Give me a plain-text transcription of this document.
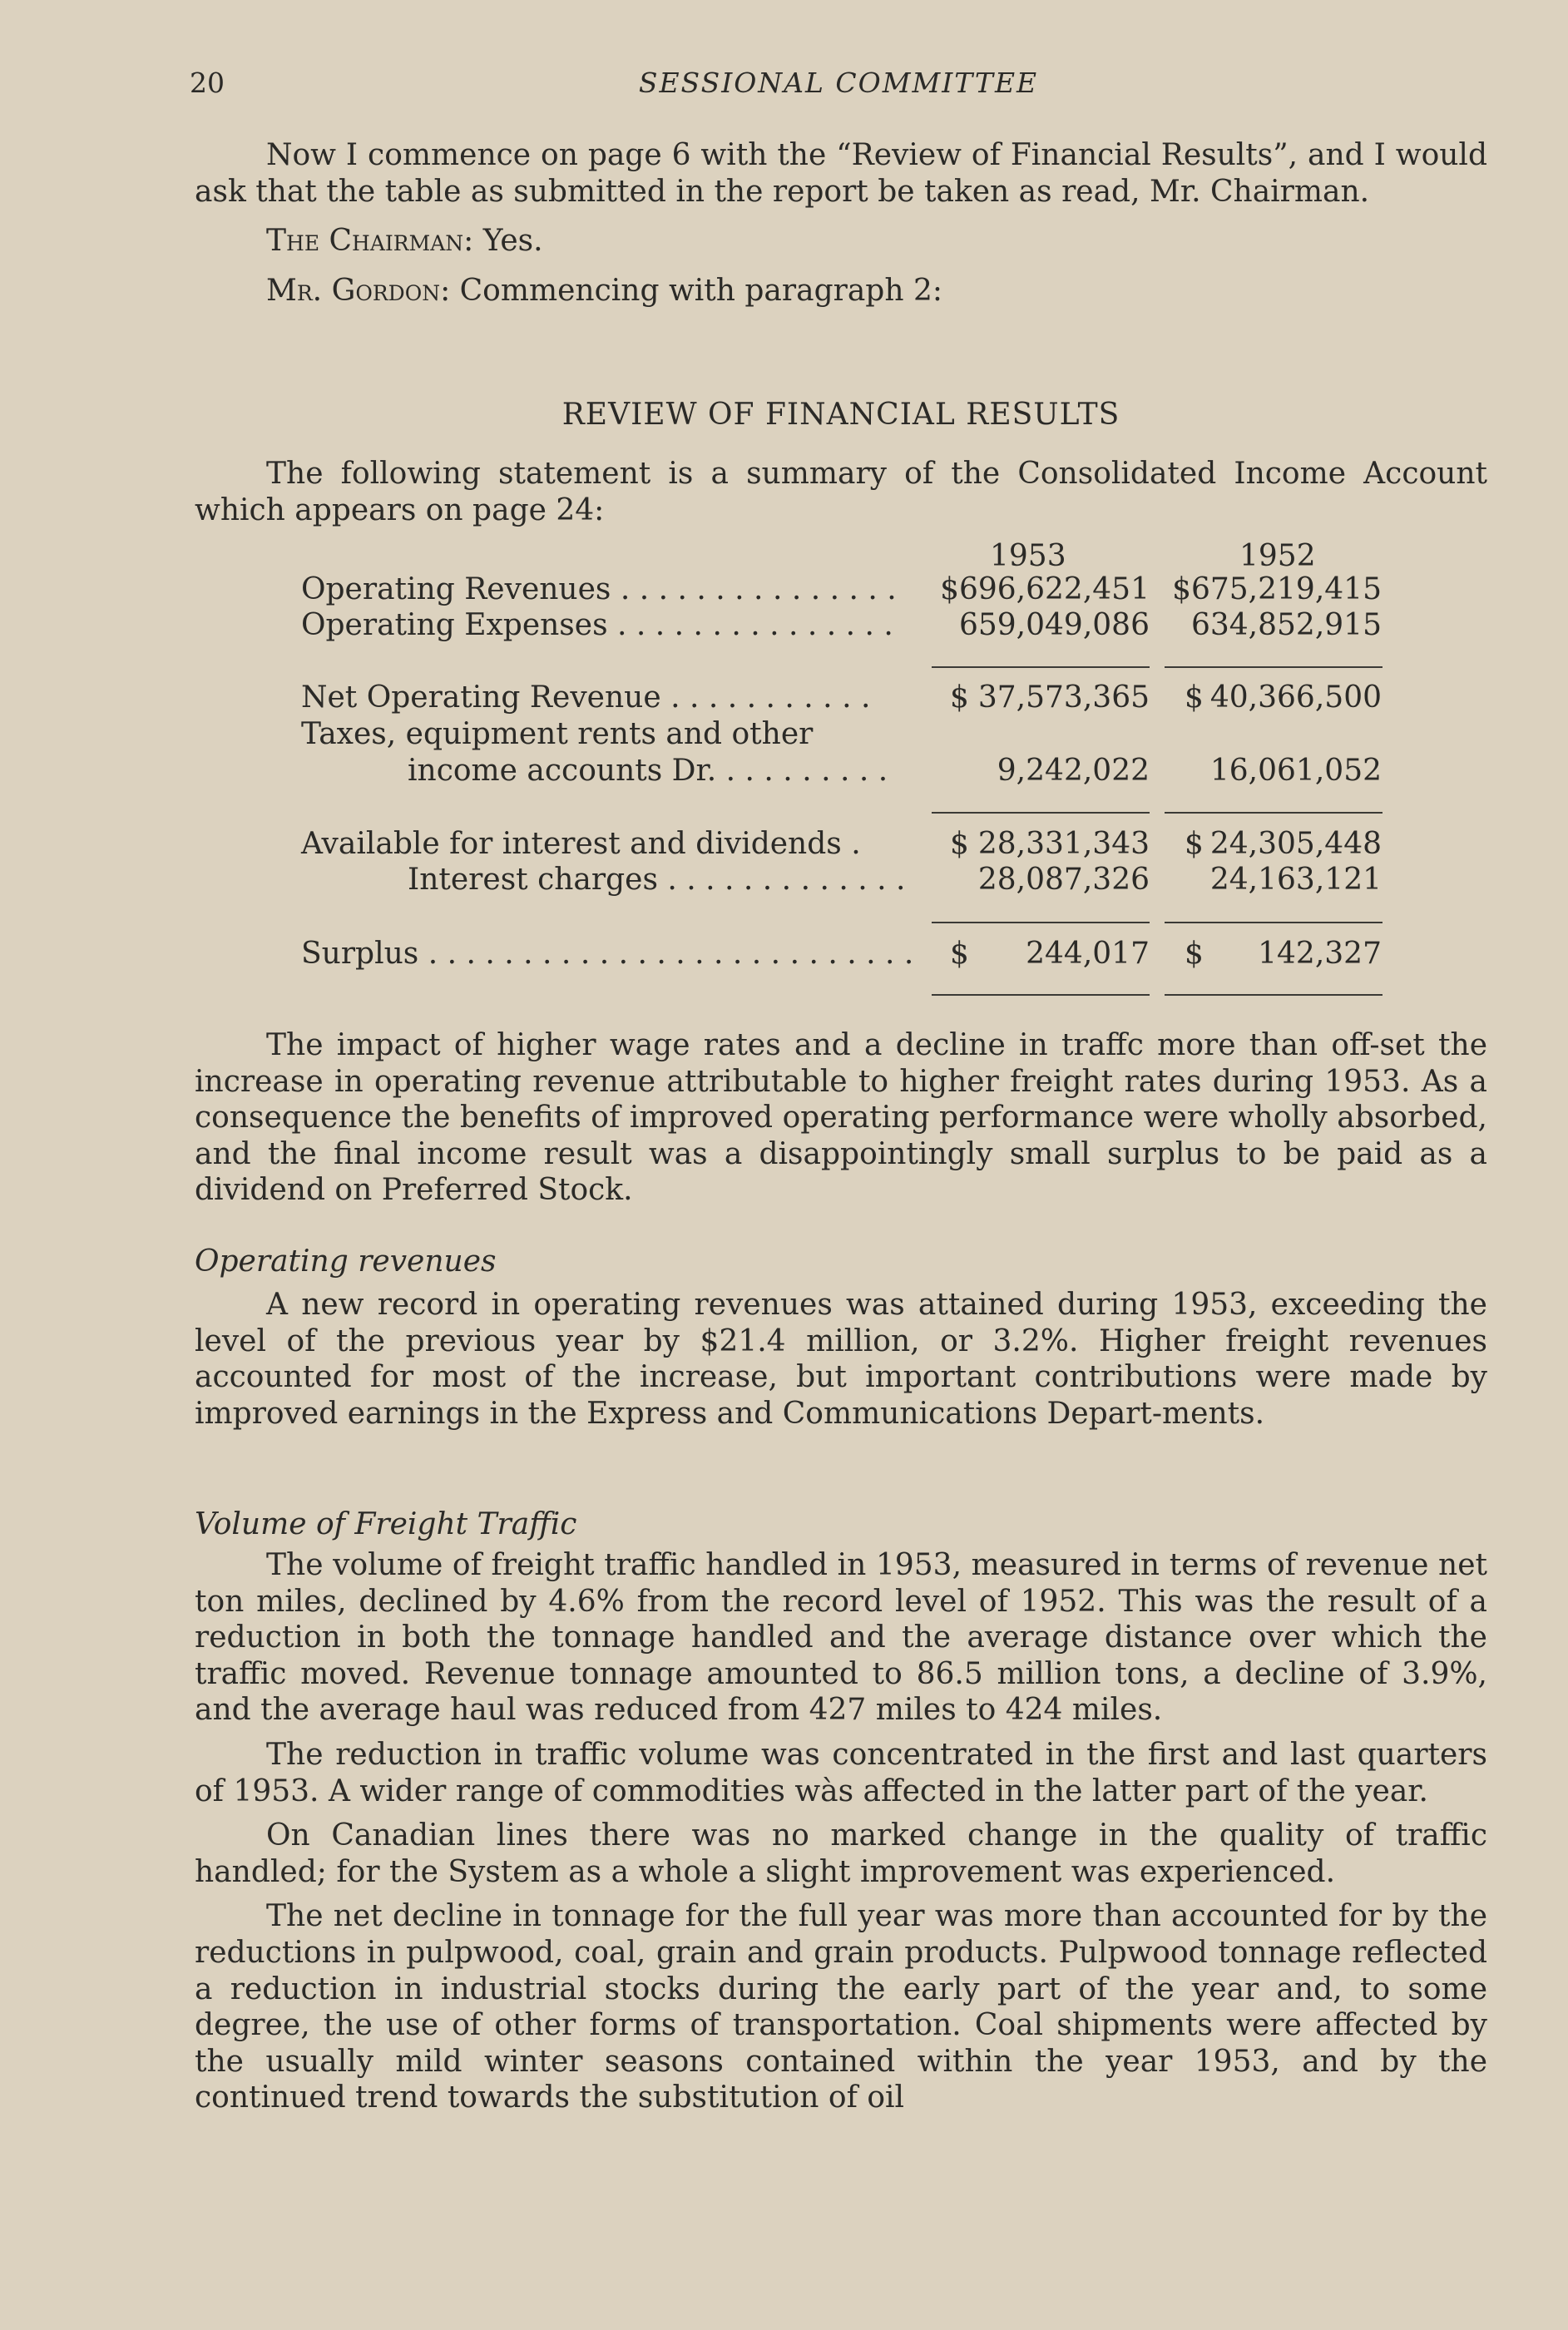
20	SESSIONAL COMMITTEE

Now I commence on page 6 with the “Review of Financial Results”, and I would ask that the table as submitted in the report be taken as read, Mr. Chairman.

The Chairman: Yes.

Mr. Gordon: Commencing with paragraph 2:

REVIEW OF FINANCIAL RESULTS

The following statement is a summary of the Consolidated Income Account which appears on page 24:

1953	1952
Operating Revenues . . . . . . . . . . . . . . . $696,622,451 $675,219,415
Operating Expenses . . . . . . . . . . . . . . . 659,049,086 634,852,915
Net Operating Revenue . . . . . . . . . . .	$ 37,573,365 $ 40,366,500
Taxes, equipment rents and other
income accounts Dr. . . . . . . . . .	9,242,022 16,061,052
Available for interest and dividends .	$ 28,331,343 $ 24,305,448
Interest charges . . . . . . . . . . . . . 28,087,326 24,163,121
Surplus . . . . . . . . . . . . . . . . . . . . . . . . . . $ 244,017 $ 142,327

The impact of higher wage rates and a decline in traffc more than off-set the increase in operating revenue attributable to higher freight rates during 1953. As a consequence the benefits of improved operating performance were wholly absorbed, and the final income result was a disappointingly small surplus to be paid as a dividend on Preferred Stock.

Operating revenues

A new record in operating revenues was attained during 1953, exceeding the level of the previous year by $21.4 million, or 3.2%. Higher freight revenues accounted for most of the increase, but important contributions were made by improved earnings in the Express and Communications Depart-ments.

Volume of Freight Traffic

The volume of freight traffic handled in 1953, measured in terms of revenue net ton miles, declined by 4.6% from the record level of 1952. This was the result of a reduction in both the tonnage handled and the average distance over which the traffic moved. Revenue tonnage amounted to 86.5 million tons, a decline of 3.9%, and the average haul was reduced from 427 miles to 424 miles.

The reduction in traffic volume was concentrated in the first and last quarters of 1953. A wider range of commodities wàs affected in the latter part of the year.

On Canadian lines there was no marked change in the quality of traffic handled; for the System as a whole a slight improvement was experienced.

The net decline in tonnage for the full year was more than accounted for by the reductions in pulpwood, coal, grain and grain products. Pulpwood tonnage reflected a reduction in industrial stocks during the early part of the year and, to some degree, the use of other forms of transportation. Coal shipments were affected by the usually mild winter seasons contained within the year 1953, and by the continued trend towards the substitution of oil
